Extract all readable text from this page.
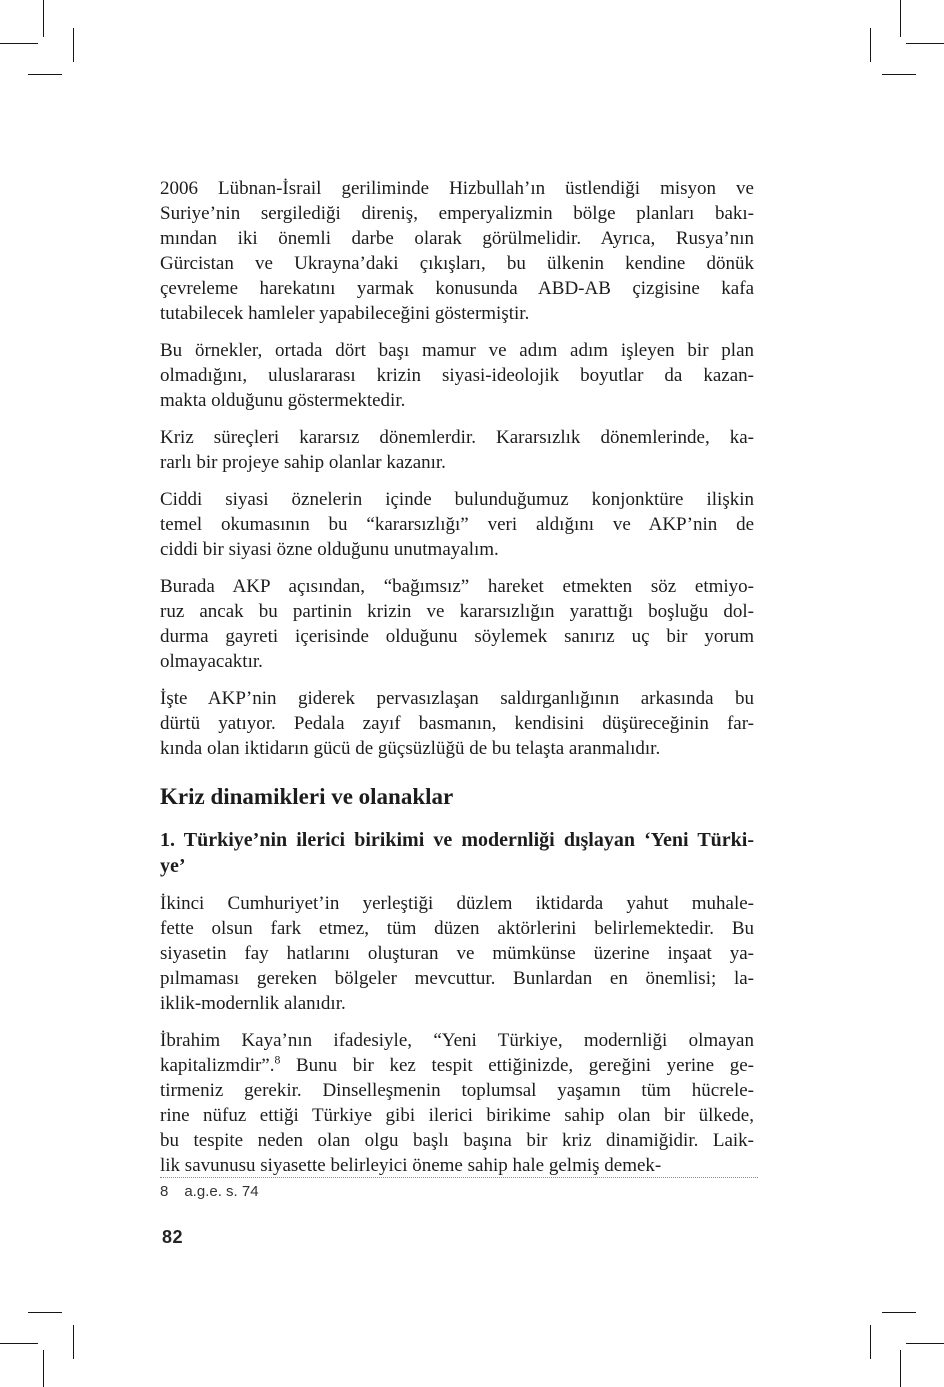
2006 Lübnan-İsrail geriliminde Hizbullah’ın üstlendiği misyon ve
Suriye’nin sergilediği direniş, emperyalizmin bölge planları bakı-
mından iki önemli darbe olarak görülmelidir. Ayrıca, Rusya’nın
Gürcistan ve Ukrayna’daki çıkışları, bu ülkenin kendine dönük
çevreleme harekatını yarmak konusunda ABD-AB çizgisine kafa
tutabilecek hamleler yapabileceğini göstermiştir.
Bu örnekler, ortada dört başı mamur ve adım adım işleyen bir plan
olmadığını, uluslararası krizin siyasi-ideolojik boyutlar da kazan-
makta olduğunu göstermektedir.
Kriz süreçleri kararsız dönemlerdir. Kararsızlık dönemlerinde, ka-
rarlı bir projeye sahip olanlar kazanır.
Ciddi siyasi öznelerin içinde bulunduğumuz konjonktüre ilişkin
temel okumasının bu “kararsızlığı” veri aldığını ve AKP’nin de
ciddi bir siyasi özne olduğunu unutmayalım.
Burada AKP açısından, “bağımsız” hareket etmekten söz etmiyo-
ruz ancak bu partinin krizin ve kararsızlığın yarattığı boşluğu dol-
durma gayreti içerisinde olduğunu söylemek sanırız uç bir yorum
olmayacaktır.
İşte AKP’nin giderek pervasızlaşan saldırganlığının arkasında bu
dürtü yatıyor. Pedala zayıf basmanın, kendisini düşüreceğinin far-
kında olan iktidarın gücü de güçsüzlüğü de bu telaşta aranmalıdır.
Kriz dinamikleri ve olanaklar
1. Türkiye’nin ilerici birikimi ve modernliği dışlayan ‘Yeni Türki-
ye’
İkinci Cumhuriyet’in yerleştiği düzlem iktidarda yahut muhale-
fette olsun fark etmez, tüm düzen aktörlerini belirlemektedir. Bu
siyasetin fay hatlarını oluşturan ve mümkünse üzerine inşaat ya-
pılmaması gereken bölgeler mevcuttur. Bunlardan en önemlisi; la-
iklik-modernlik alanıdır.
İbrahim Kaya’nın ifadesiyle, “Yeni Türkiye, modernliği olmayan
kapitalizmdir”.$^8$ Bunu bir kez tespit ettiğinizde, gereğini yerine ge-
tirmeniz gerekir. Dinselleşmenin toplumsal yaşamın tüm hücrele-
rine nüfuz ettiği Türkiye gibi ilerici birikime sahip olan bir ülkede,
bu tespite neden olan olgu başlı başına bir kriz dinamiğidir. Laik-
lik savunusu siyasette belirleyici öneme sahip hale gelmiş demek-
8 a.g.e. s. 74
82
